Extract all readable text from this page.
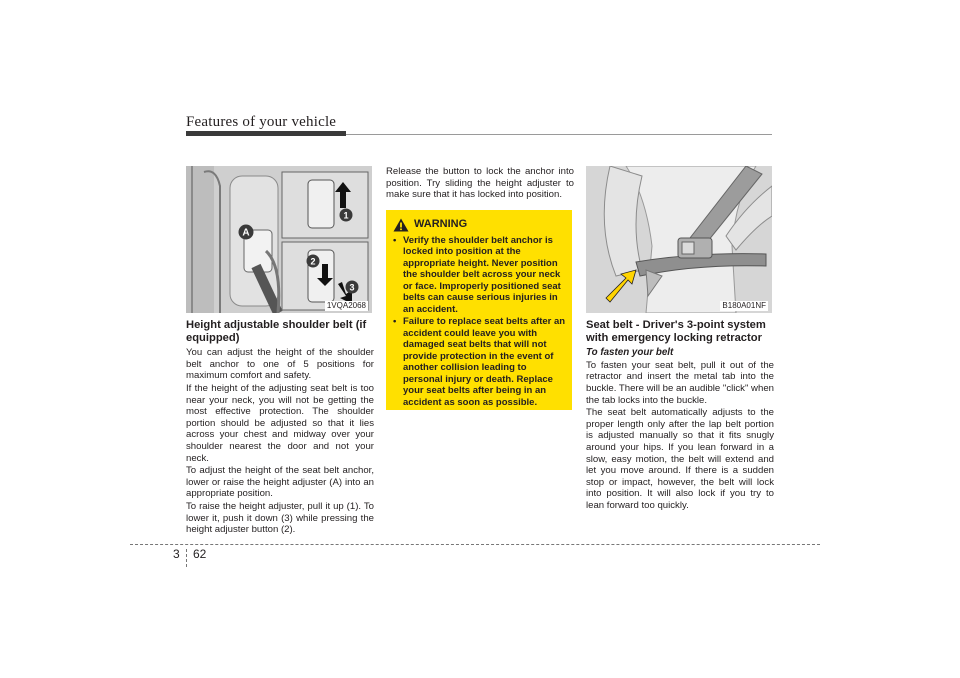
Features of your vehicle
A
1
2
3
1VQA2068
Height adjustable shoulder belt (if equipped)

You can adjust the height of the shoulder belt anchor to one of 5 positions for maximum comfort and safety.

If the height of the adjusting seat belt is too near your neck, you will not be getting the most effective protection. The shoulder portion should be adjusted so that it lies across your chest and midway over your shoulder nearest the door and not your neck.

To adjust the height of the seat belt anchor, lower or raise the height adjuster (A) into an appropriate position.

To raise the height adjuster, pull it up (1). To lower it, push it down (3) while pressing the height adjuster button (2).

Release the button to lock the anchor into position. Try sliding the height adjuster to make sure that it has locked into position.

WARNING
• Verify the shoulder belt anchor is locked into position at the appropriate height. Never position the shoulder belt across your neck or face. Improperly positioned seat belts can cause serious injuries in an accident.
• Failure to replace seat belts after an accident could leave you with damaged seat belts that will not provide protection in the event of another collision leading to personal injury or death. Replace your seat belts after being in an accident as soon as possible.
B180A01NF
Seat belt - Driver's 3-point system with emergency locking retractor
To fasten your belt

To fasten your seat belt, pull it out of the retractor and insert the metal tab into the buckle. There will be an audible "click" when the tab locks into the buckle.

The seat belt automatically adjusts to the proper length only after the lap belt portion is adjusted manually so that it fits snugly around your hips. If you lean forward in a slow, easy motion, the belt will extend and let you move around. If there is a sudden stop or impact, however, the belt will lock into position. It will also lock if you try to lean forward too quickly.

3 62
